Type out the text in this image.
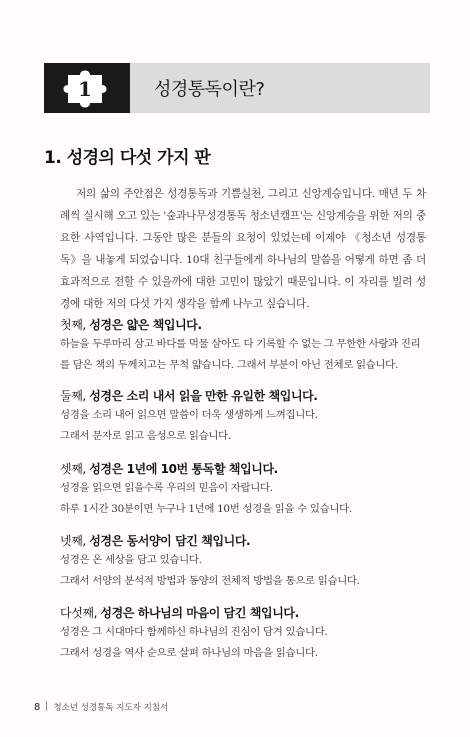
1	성경통독이란?
1. 성경의 다섯 가지 판

저의 삶의 주안점은 성경통독과 기쁨실천, 그리고 신앙계승입니다. 매년 두 차례씩 실시해 오고 있는 '숲과나무성경통독 청소년캠프'는 신앙계승을 위한 저의 중요한 사역입니다. 그동안 많은 분들의 요청이 있었는데 이제야 《청소년 성경통독》을 내놓게 되었습니다. 10대 친구들에게 하나님의 말씀을 어떻게 하면 좀 더 효과적으로 전할 수 있을까에 대한 고민이 많았기 때문입니다. 이 자리를 빌려 성경에 대한 저의 다섯 가지 생각을 함께 나누고 싶습니다.

첫째, 성경은 얇은 책입니다.
하늘을 두루마리 삼고 바다를 먹물 삼아도 다 기록할 수 없는 그 무한한 사랑과 진리
를 담은 책의 두께치고는 무척 얇습니다. 그래서 부분이 아닌 전체로 읽습니다.
둘째, 성경은 소리 내서 읽을 만한 유일한 책입니다.
성경을 소리 내어 읽으면 말씀이 더욱 생생하게 느껴집니다.
그래서 문자로 읽고 음성으로 읽습니다.
셋째, 성경은 1년에 10번 통독할 책입니다.
성경을 읽으면 읽을수록 우리의 믿음이 자랍니다.
하루 1시간 30분이면 누구나 1년에 10번 성경을 읽을 수 있습니다.
넷째, 성경은 동서양이 담긴 책입니다.
성경은 온 세상을 담고 있습니다.
그래서 서양의 분석적 방법과 동양의 전체적 방법을 통으로 읽습니다.
다섯째, 성경은 하나님의 마음이 담긴 책입니다.
성경은 그 시대마다 함께하신 하나님의 진심이 담겨 있습니다.
그래서 성경을 역사 순으로 살펴 하나님의 마음을 읽습니다.
8 청소년 성경통독 지도자 지침서
